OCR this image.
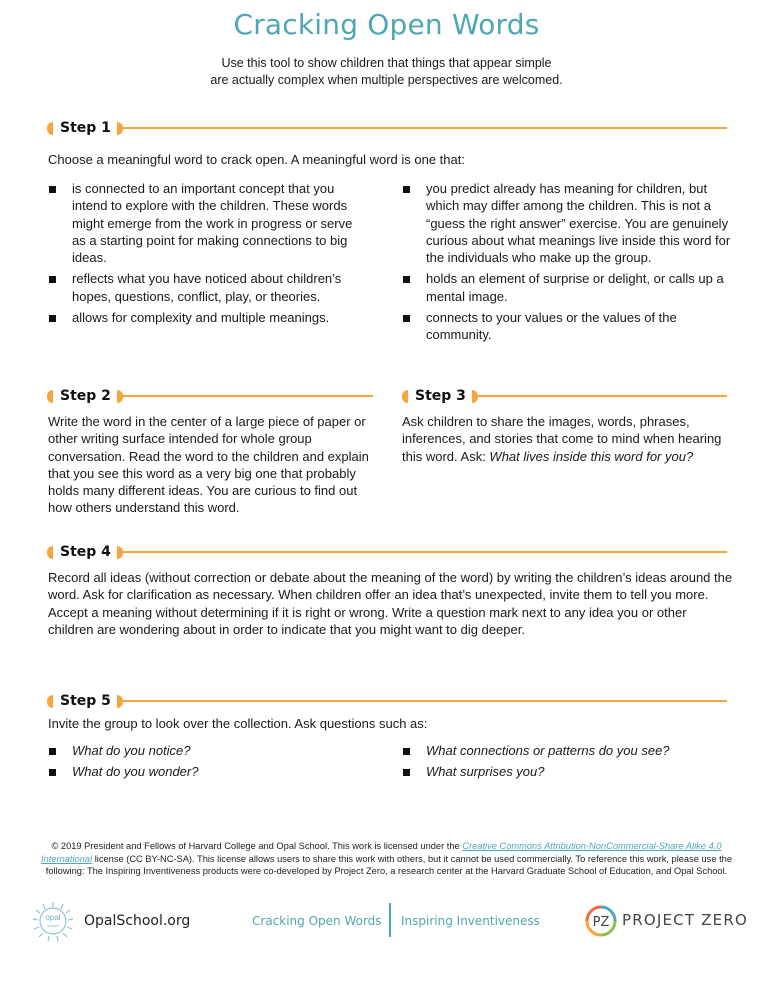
Cracking Open Words
Use this tool to show children that things that appear simple
are actually complex when multiple perspectives are welcomed.
Step 1
Choose a meaningful word to crack open. A meaningful word is one that:
is connected to an important concept that you intend to explore with the children. These words might emerge from the work in progress or serve as a starting point for making connections to big ideas.
reflects what you have noticed about children’s hopes, questions, conflict, play, or theories.
allows for complexity and multiple meanings.
you predict already has meaning for children, but which may differ among the children. This is not a “guess the right answer” exercise. You are genuinely curious about what meanings live inside this word for the individuals who make up the group.
holds an element of surprise or delight, or calls up a mental image.
connects to your values or the values of the community.
Step 2
Write the word in the center of a large piece of paper or other writing surface intended for whole group conversation. Read the word to the children and explain that you see this word as a very big one that probably holds many different ideas. You are curious to find out how others understand this word.
Step 3
Ask children to share the images, words, phrases, inferences, and stories that come to mind when hearing this word. Ask: What lives inside this word for you?
Step 4
Record all ideas (without correction or debate about the meaning of the word) by writing the children’s ideas around the word. Ask for clarification as necessary. When children offer an idea that’s unexpected, invite them to tell you more. Accept a meaning without determining if it is right or wrong. Write a question mark next to any idea you or other children are wondering about in order to indicate that you might want to dig deeper.
Step 5
Invite the group to look over the collection. Ask questions such as:
What do you notice?
What do you wonder?
What connections or patterns do you see?
What surprises you?
© 2019 President and Fellows of Harvard College and Opal School. This work is licensed under the Creative Commons Attribution-NonCommercial-Share Alike 4.0 International license (CC BY-NC-SA). This license allows users to share this work with others, but it cannot be used commercially. To reference this work, please use the following: The Inspiring Inventiveness products were co-developed by Project Zero, a research center at the Harvard Graduate School of Education, and Opal School.
opal
school OpalSchool.org	Cracking Open Words Inspiring Inventiveness	PZ PROJECT ZERO
